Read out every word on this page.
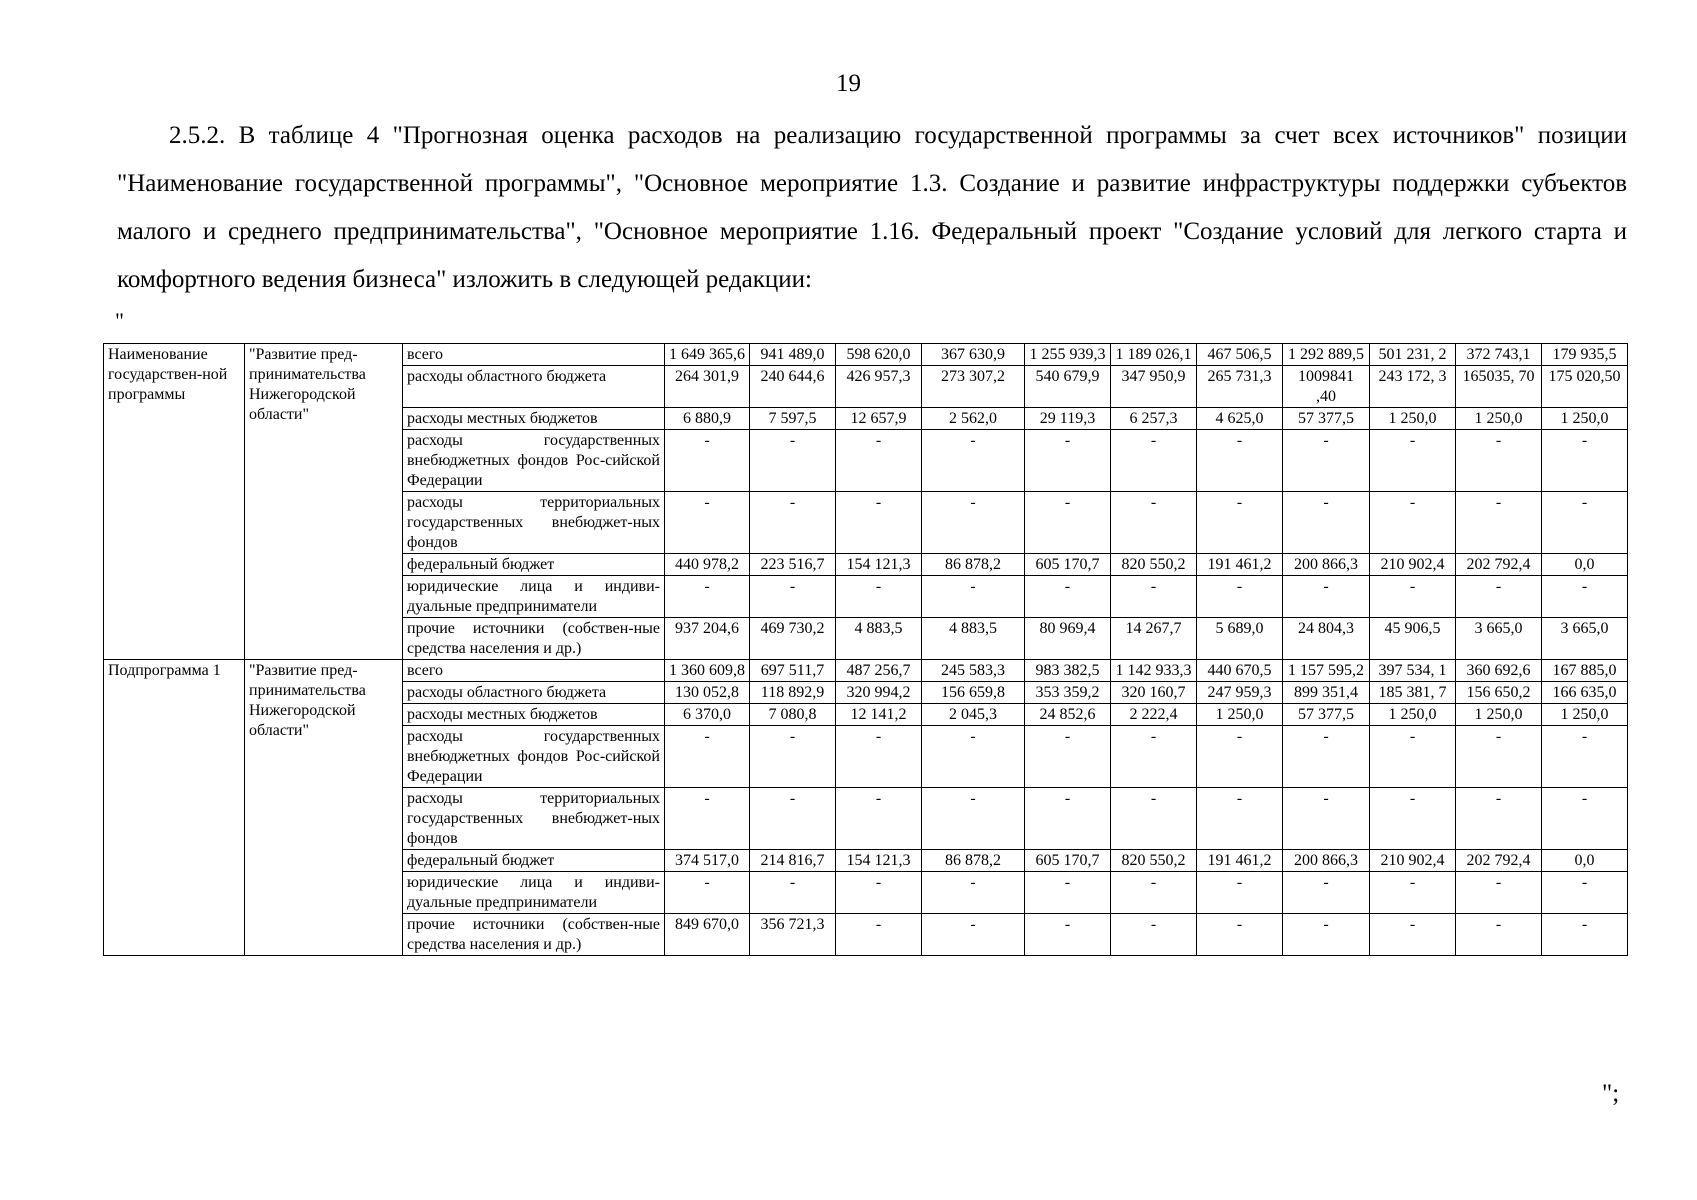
19

2.5.2. В таблице 4 "Прогнозная оценка расходов на реализацию государственной программы за счет всех источников" позиции "Наименование государственной программы", "Основное мероприятие 1.3. Создание и развитие инфраструктуры поддержки субъектов малого и среднего предпринимательства", "Основное мероприятие 1.16. Федеральный проект "Создание условий для легкого старта и комфортного ведения бизнеса" изложить в следующей редакции:

"
Наименование государствен-ной программы	"Развитие пред-принимательства Нижегородской области"	всего	1 649 365,6	941 489,0	598 620,0	367 630,9	1 255 939,3	1 189 026,1	467 506,5	1 292 889,5	501 231, 2	372 743,1	179 935,5
		расходы областного бюджета	264 301,9	240 644,6	426 957,3	273 307,2	540 679,9	347 950,9	265 731,3	1009841 ,40	243 172, 3	165035, 70	175 020,50
		расходы местных бюджетов	6 880,9	7 597,5	12 657,9	2 562,0	29 119,3	6 257,3	4 625,0	57 377,5	1 250,0	1 250,0	1 250,0
		расходы государственных внебюджетных фондов Рос-сийской Федерации	-	-	-	-	-	-	-	-	-	-	-
		расходы территориальных государственных внебюджет-ных фондов	-	-	-	-	-	-	-	-	-	-	-
		федеральный бюджет	440 978,2	223 516,7	154 121,3	86 878,2	605 170,7	820 550,2	191 461,2	200 866,3	210 902,4	202 792,4	0,0
		юридические лица и индиви-дуальные предприниматели	-	-	-	-	-	-	-	-	-	-	-
		прочие источники (собствен-ные средства населения и др.)	937 204,6	469 730,2	4 883,5	4 883,5	80 969,4	14 267,7	5 689,0	24 804,3	45 906,5	3 665,0	3 665,0
Подпрограмма 1	"Развитие пред-принимательства Нижегородской области"	всего	1 360 609,8	697 511,7	487 256,7	245 583,3	983 382,5	1 142 933,3	440 670,5	1 157 595,2	397 534, 1	360 692,6	167 885,0
		расходы областного бюджета	130 052,8	118 892,9	320 994,2	156 659,8	353 359,2	320 160,7	247 959,3	899 351,4	185 381, 7	156 650,2	166 635,0
		расходы местных бюджетов	6 370,0	7 080,8	12 141,2	2 045,3	24 852,6	2 222,4	1 250,0	57 377,5	1 250,0	1 250,0	1 250,0
		расходы государственных внебюджетных фондов Рос-сийской Федерации	-	-	-	-	-	-	-	-	-	-	-
		расходы территориальных государственных внебюджет-ных фондов	-	-	-	-	-	-	-	-	-	-	-
		федеральный бюджет	374 517,0	214 816,7	154 121,3	86 878,2	605 170,7	820 550,2	191 461,2	200 866,3	210 902,4	202 792,4	0,0
		юридические лица и индиви-дуальные предприниматели	-	-	-	-	-	-	-	-	-	-	-
		прочие источники (собствен-ные средства населения и др.)	849 670,0	356 721,3	-	-	-	-	-	-	-	-	-
";
